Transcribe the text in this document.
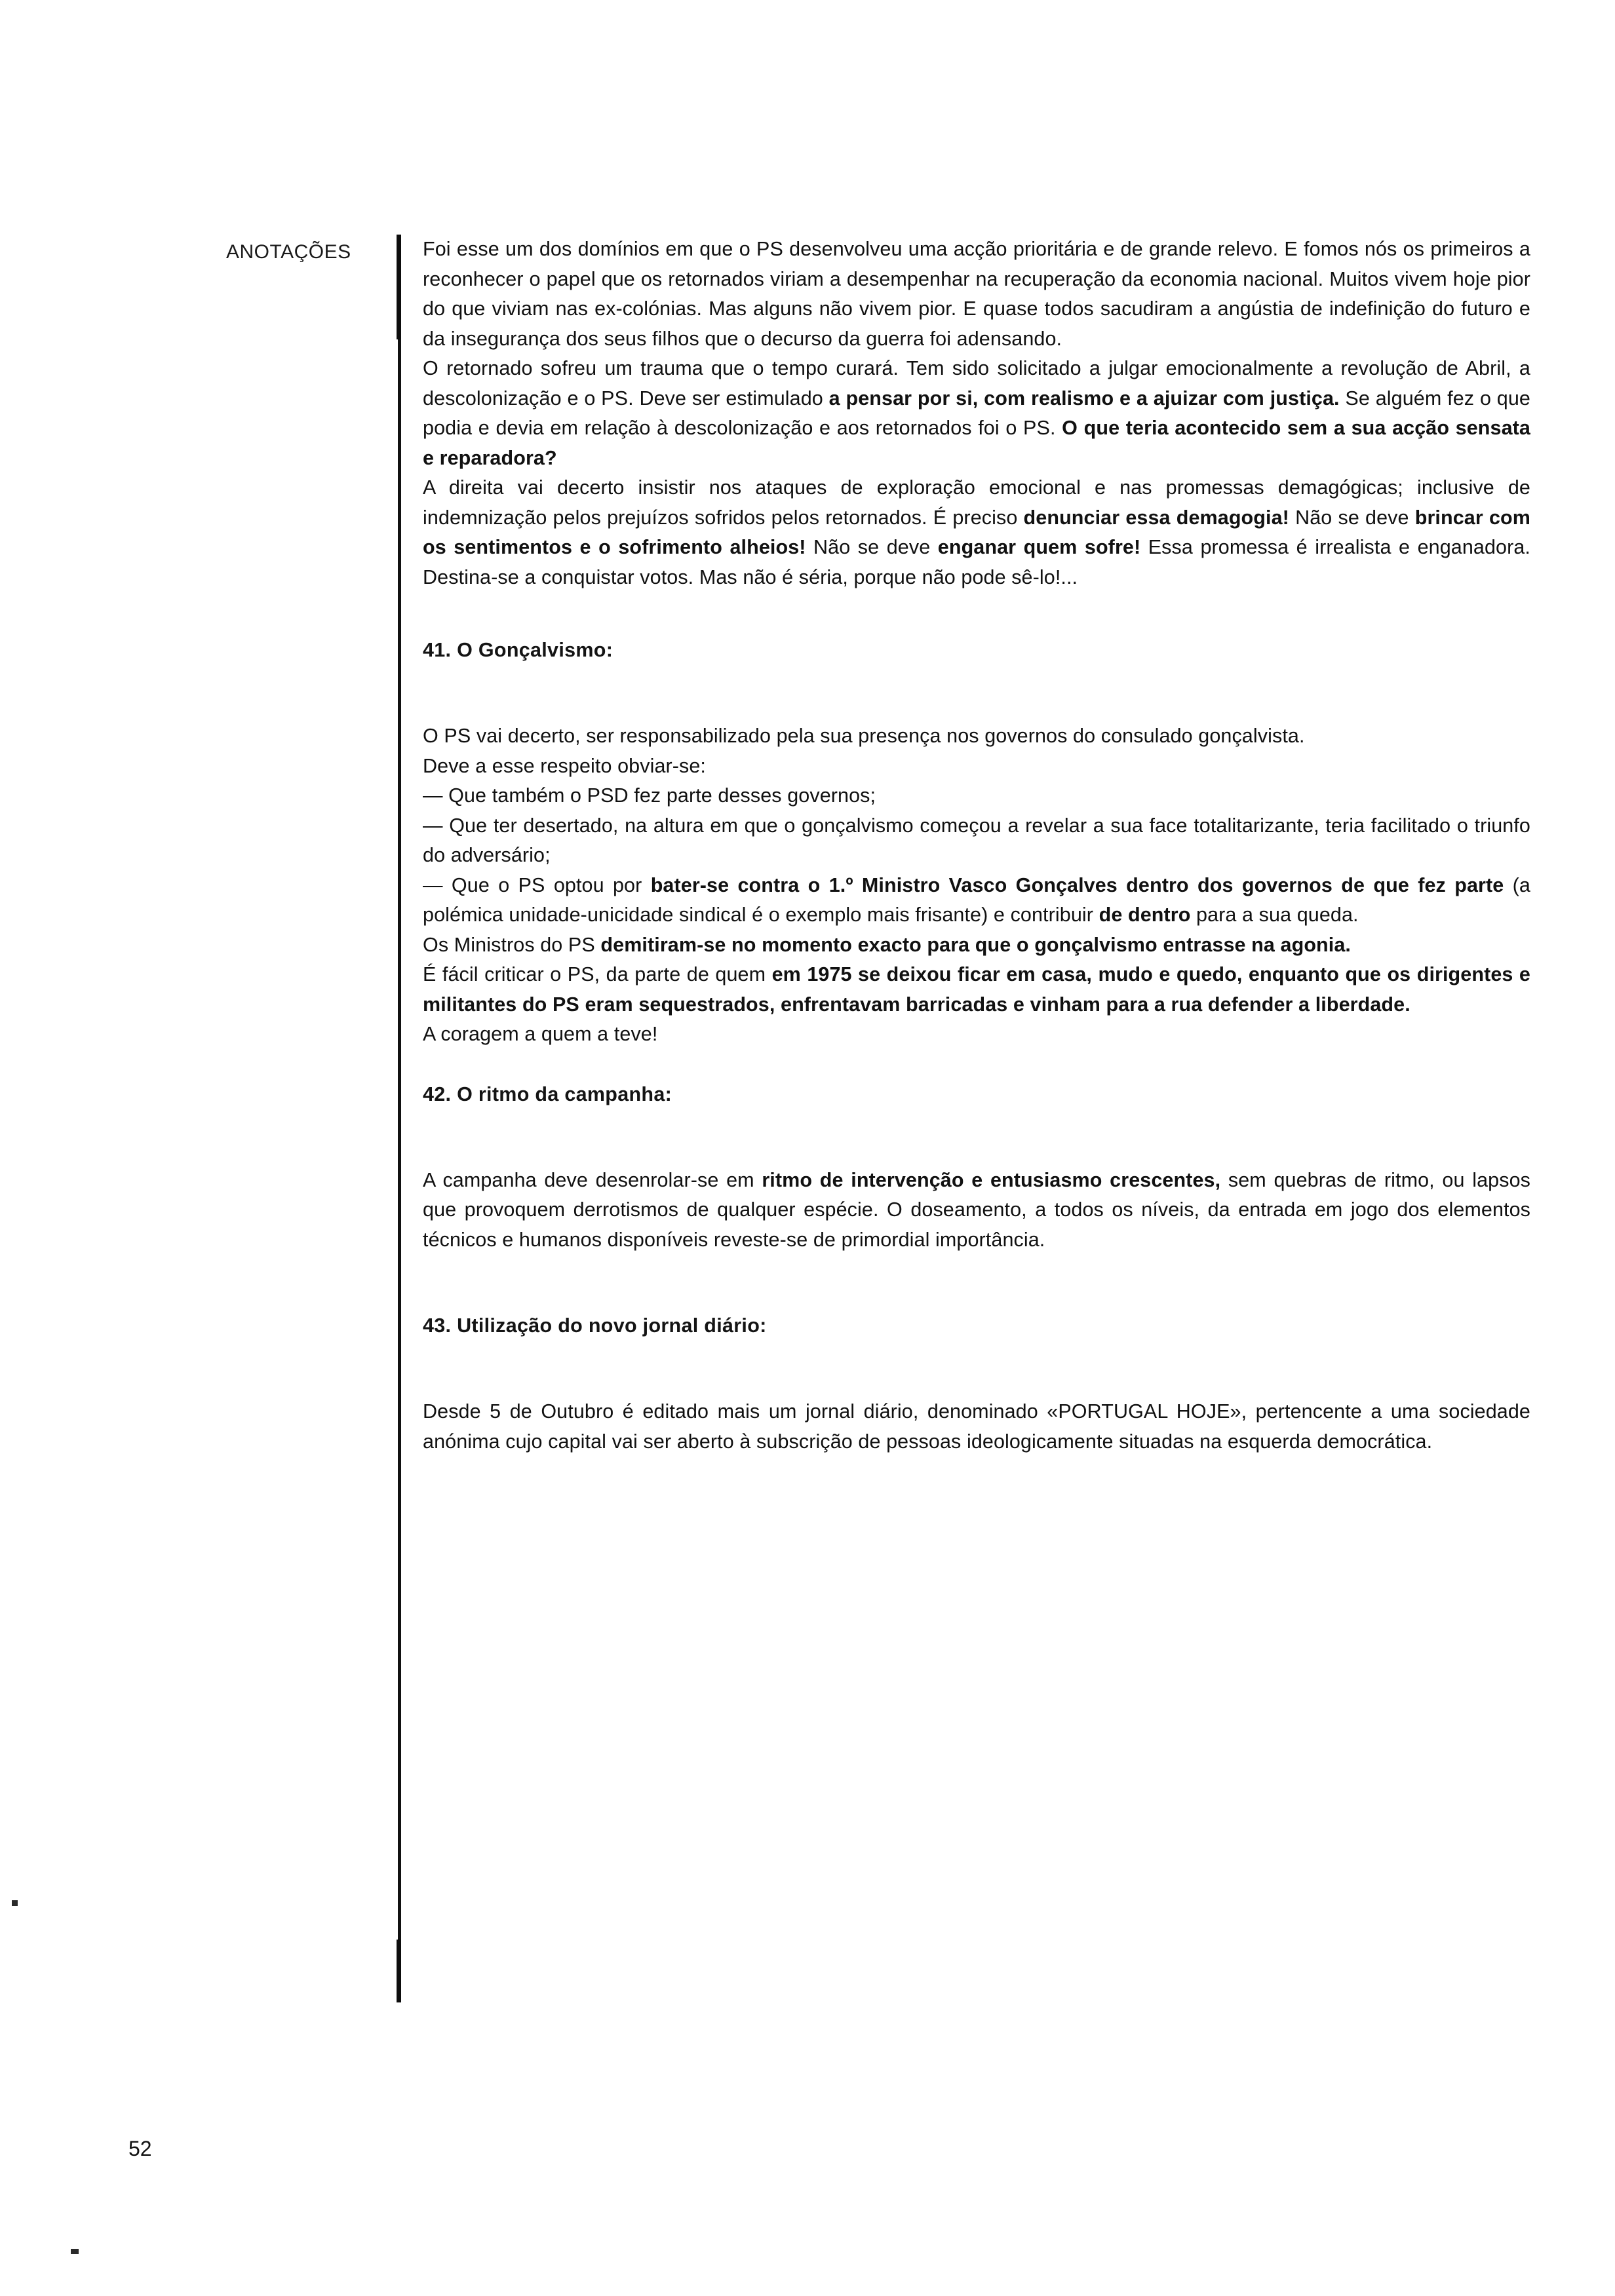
ANOTAÇÕES	Foi esse um dos domínios em que o PS desenvolveu uma acção prioritária e de grande relevo. E fomos nós os primeiros a reconhecer o papel que os retornados viriam a desempenhar na recuperação da economia nacional. Muitos vivem hoje pior do que viviam nas ex-colónias. Mas alguns não vivem pior. E quase todos sacudiram a angústia de indefinição do futuro e da insegurança dos seus filhos que o decurso da guerra foi adensando.

O retornado sofreu um trauma que o tempo curará. Tem sido solicitado a julgar emocionalmente a revolução de Abril, a descolonização e o PS. Deve ser estimulado a pensar por si, com realismo e a ajuizar com justiça. Se alguém fez o que podia e devia em relação à descolonização e aos retornados foi o PS. O que teria acontecido sem a sua acção sensata e reparadora?

A direita vai decerto insistir nos ataques de exploração emocional e nas promessas demagógicas; inclusive de indemnização pelos prejuízos sofridos pelos retornados. É preciso denunciar essa demagogia! Não se deve brincar com os sentimentos e o sofrimento alheios! Não se deve enganar quem sofre! Essa promessa é irrealista e enganadora. Destina-se a conquistar votos. Mas não é séria, porque não pode sê-lo!...

41. O Gonçalvismo:

O PS vai decerto, ser responsabilizado pela sua presença nos governos do consulado gonçalvista.

Deve a esse respeito obviar-se:

— Que também o PSD fez parte desses governos;

— Que ter desertado, na altura em que o gonçalvismo começou a revelar a sua face totalitarizante, teria facilitado o triunfo do adversário;

— Que o PS optou por bater-se contra o 1.º Ministro Vasco Gonçalves dentro dos governos de que fez parte (a polémica unidade-unicidade sindical é o exemplo mais frisante) e contribuir de dentro para a sua queda.

Os Ministros do PS demitiram-se no momento exacto para que o gonçalvismo entrasse na agonia.

É fácil criticar o PS, da parte de quem em 1975 se deixou ficar em casa, mudo e quedo, enquanto que os dirigentes e militantes do PS eram sequestrados, enfrentavam barricadas e vinham para a rua defender a liberdade.

A coragem a quem a teve!

42. O ritmo da campanha:

A campanha deve desenrolar-se em ritmo de intervenção e entusiasmo crescentes, sem quebras de ritmo, ou lapsos que provoquem derrotismos de qualquer espécie. O doseamento, a todos os níveis, da entrada em jogo dos elementos técnicos e humanos disponíveis reveste-se de primordial importância.

43. Utilização do novo jornal diário:

Desde 5 de Outubro é editado mais um jornal diário, denominado «PORTUGAL HOJE», pertencente a uma sociedade anónima cujo capital vai ser aberto à subscrição de pessoas ideologicamente situadas na esquerda democrática.

52
